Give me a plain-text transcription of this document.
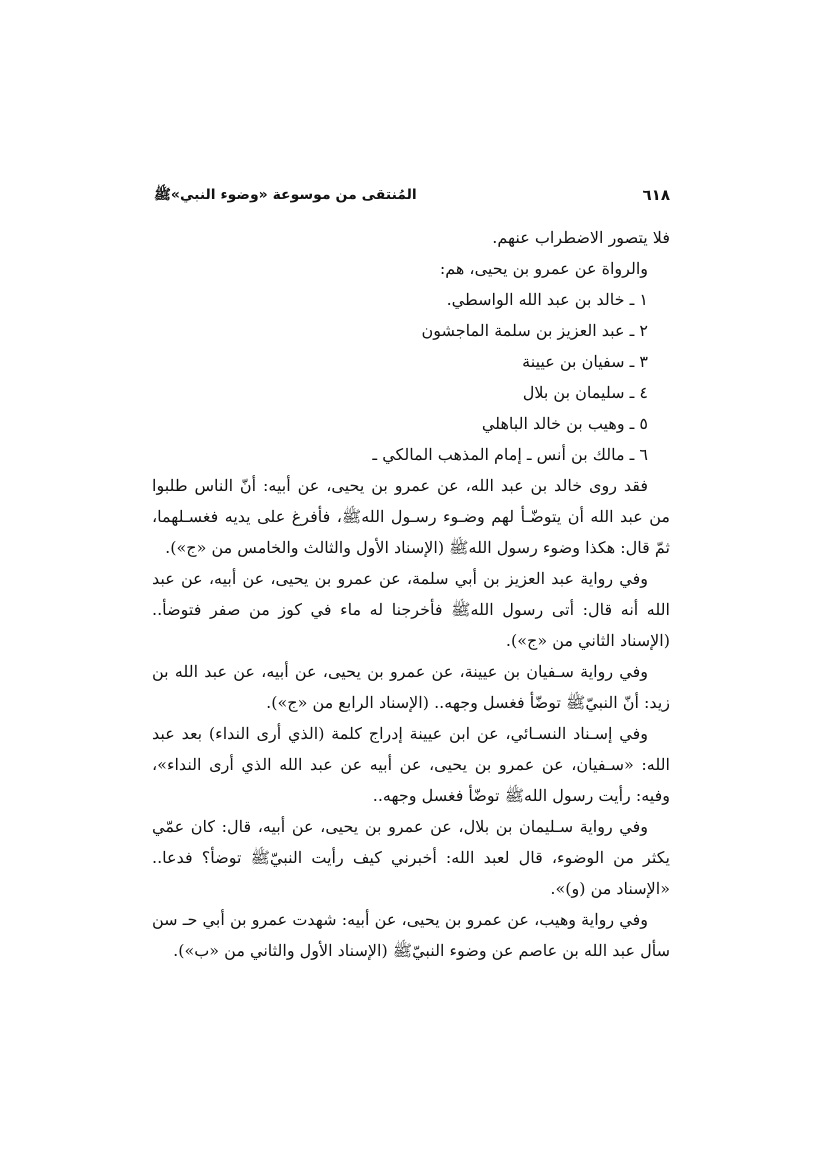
٦١٨
المُنتقى من موسوعة «وضوء النبي»ﷺ

فلا يتصور الاضطراب عنهم.

والرواة عن عمرو بن يحيى، هم:

١ ـ خالد بن عبد الله الواسطي.
٢ ـ عبد العزيز بن سلمة الماجشون
٣ ـ سفيان بن عيينة
٤ ـ سليمان بن بلال
٥ ـ وهيب بن خالد الباهلي
٦ ـ مالك بن أنس ـ إمام المذهب المالكي ـ

فقد روى خالد بن عبد الله، عن عمرو بن يحيى، عن أبيه: أنّ الناس طلبوا من عبد الله أن يتوضّـأ لهم وضـوء رسـول اللهﷺ، فأفرغ على يديه فغسـلهما، ثمّ قال: هكذا وضوء رسول اللهﷺ (الإسناد الأول والثالث والخامس من «ج»).

وفي رواية عبد العزيز بن أبي سلمة، عن عمرو بن يحيى، عن أبيه، عن عبد الله أنه قال: أتى رسول اللهﷺ فأخرجنا له ماء في كوز من صفر فتوضأ.. (الإسناد الثاني من «ج»).

وفي رواية سـفيان بن عيينة، عن عمرو بن يحيى، عن أبيه، عن عبد الله بن زيد: أنّ النبيّﷺ توضّأ فغسل وجهه.. (الإسناد الرابع من «ج»).

وفي إسـناد النسـائي، عن ابن عيينة إدراج كلمة (الذي أرى النداء) بعد عبد الله: «سـفيان، عن عمرو بن يحيى، عن أبيه عن عبد الله الذي أرى النداء»، وفيه: رأيت رسول اللهﷺ توضّأ فغسل وجهه..

وفي رواية سـليمان بن بلال، عن عمرو بن يحيى، عن أبيه، قال: كان عمّي يكثر من الوضوء، قال لعبد الله: أخبرني كيف رأيت النبيّﷺ توضأ؟ فدعا.. «الإسناد من (و)».

وفي رواية وهيب، عن عمرو بن يحيى، عن أبيه: شهدت عمرو بن أبي حـ سن سأل عبد الله بن عاصم عن وضوء النبيّﷺ (الإسناد الأول والثاني من «ب»).
